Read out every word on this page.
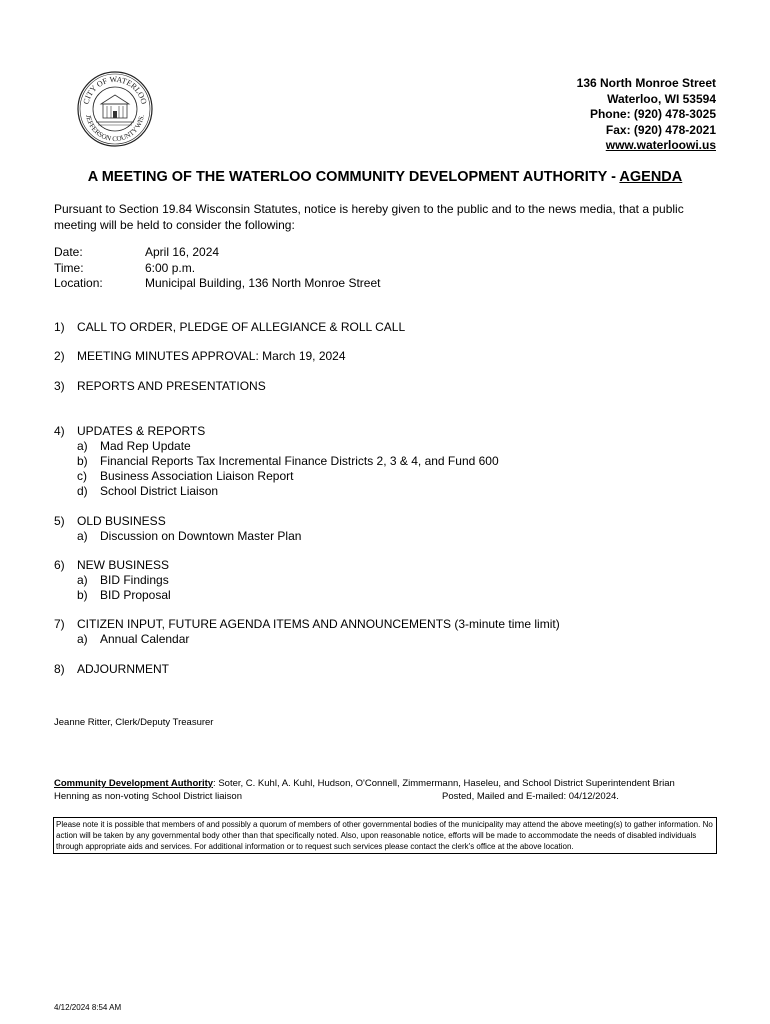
CITY OF WATERLOO
JEFFERSON COUNTY WIS.
136 North Monroe Street
Waterloo, WI 53594
Phone: (920) 478-3025
Fax: (920) 478-2021
www.waterloowi.us
A MEETING OF THE WATERLOO COMMUNITY DEVELOPMENT AUTHORITY - AGENDA
Pursuant to Section 19.84 Wisconsin Statutes, notice is hereby given to the public and to the news media, that a public meeting will be held to consider the following:
Date:	April 16, 2024
Time:	6:00 p.m.
Location:	Municipal Building, 136 North Monroe Street
1) CALL TO ORDER, PLEDGE OF ALLEGIANCE & ROLL CALL
2) MEETING MINUTES APPROVAL: March 19, 2024
3) REPORTS AND PRESENTATIONS
4) UPDATES & REPORTS
a) Mad Rep Update
b) Financial Reports Tax Incremental Finance Districts 2, 3 & 4, and Fund 600
c) Business Association Liaison Report
d) School District Liaison
5) OLD BUSINESS
a) Discussion on Downtown Master Plan
6) NEW BUSINESS
a) BID Findings
b) BID Proposal
7) CITIZEN INPUT, FUTURE AGENDA ITEMS AND ANNOUNCEMENTS (3-minute time limit)
a) Annual Calendar
8) ADJOURNMENT
Jeanne Ritter, Clerk/Deputy Treasurer
Community Development Authority: Soter, C. Kuhl, A. Kuhl, Hudson, O'Connell, Zimmermann, Haseleu, and School District Superintendent Brian
Henning as non-voting School District liaison	Posted, Mailed and E-mailed: 04/12/2024.
Please note it is possible that members of and possibly a quorum of members of other governmental bodies of the municipality may attend the above meeting(s) to gather information. No action will be taken by any governmental body other than that specifically noted. Also, upon reasonable notice, efforts will be made to accommodate the needs of disabled individuals through appropriate aids and services. For additional information or to request such services please contact the clerk's office at the above location.
4/12/2024 8:54 AM
